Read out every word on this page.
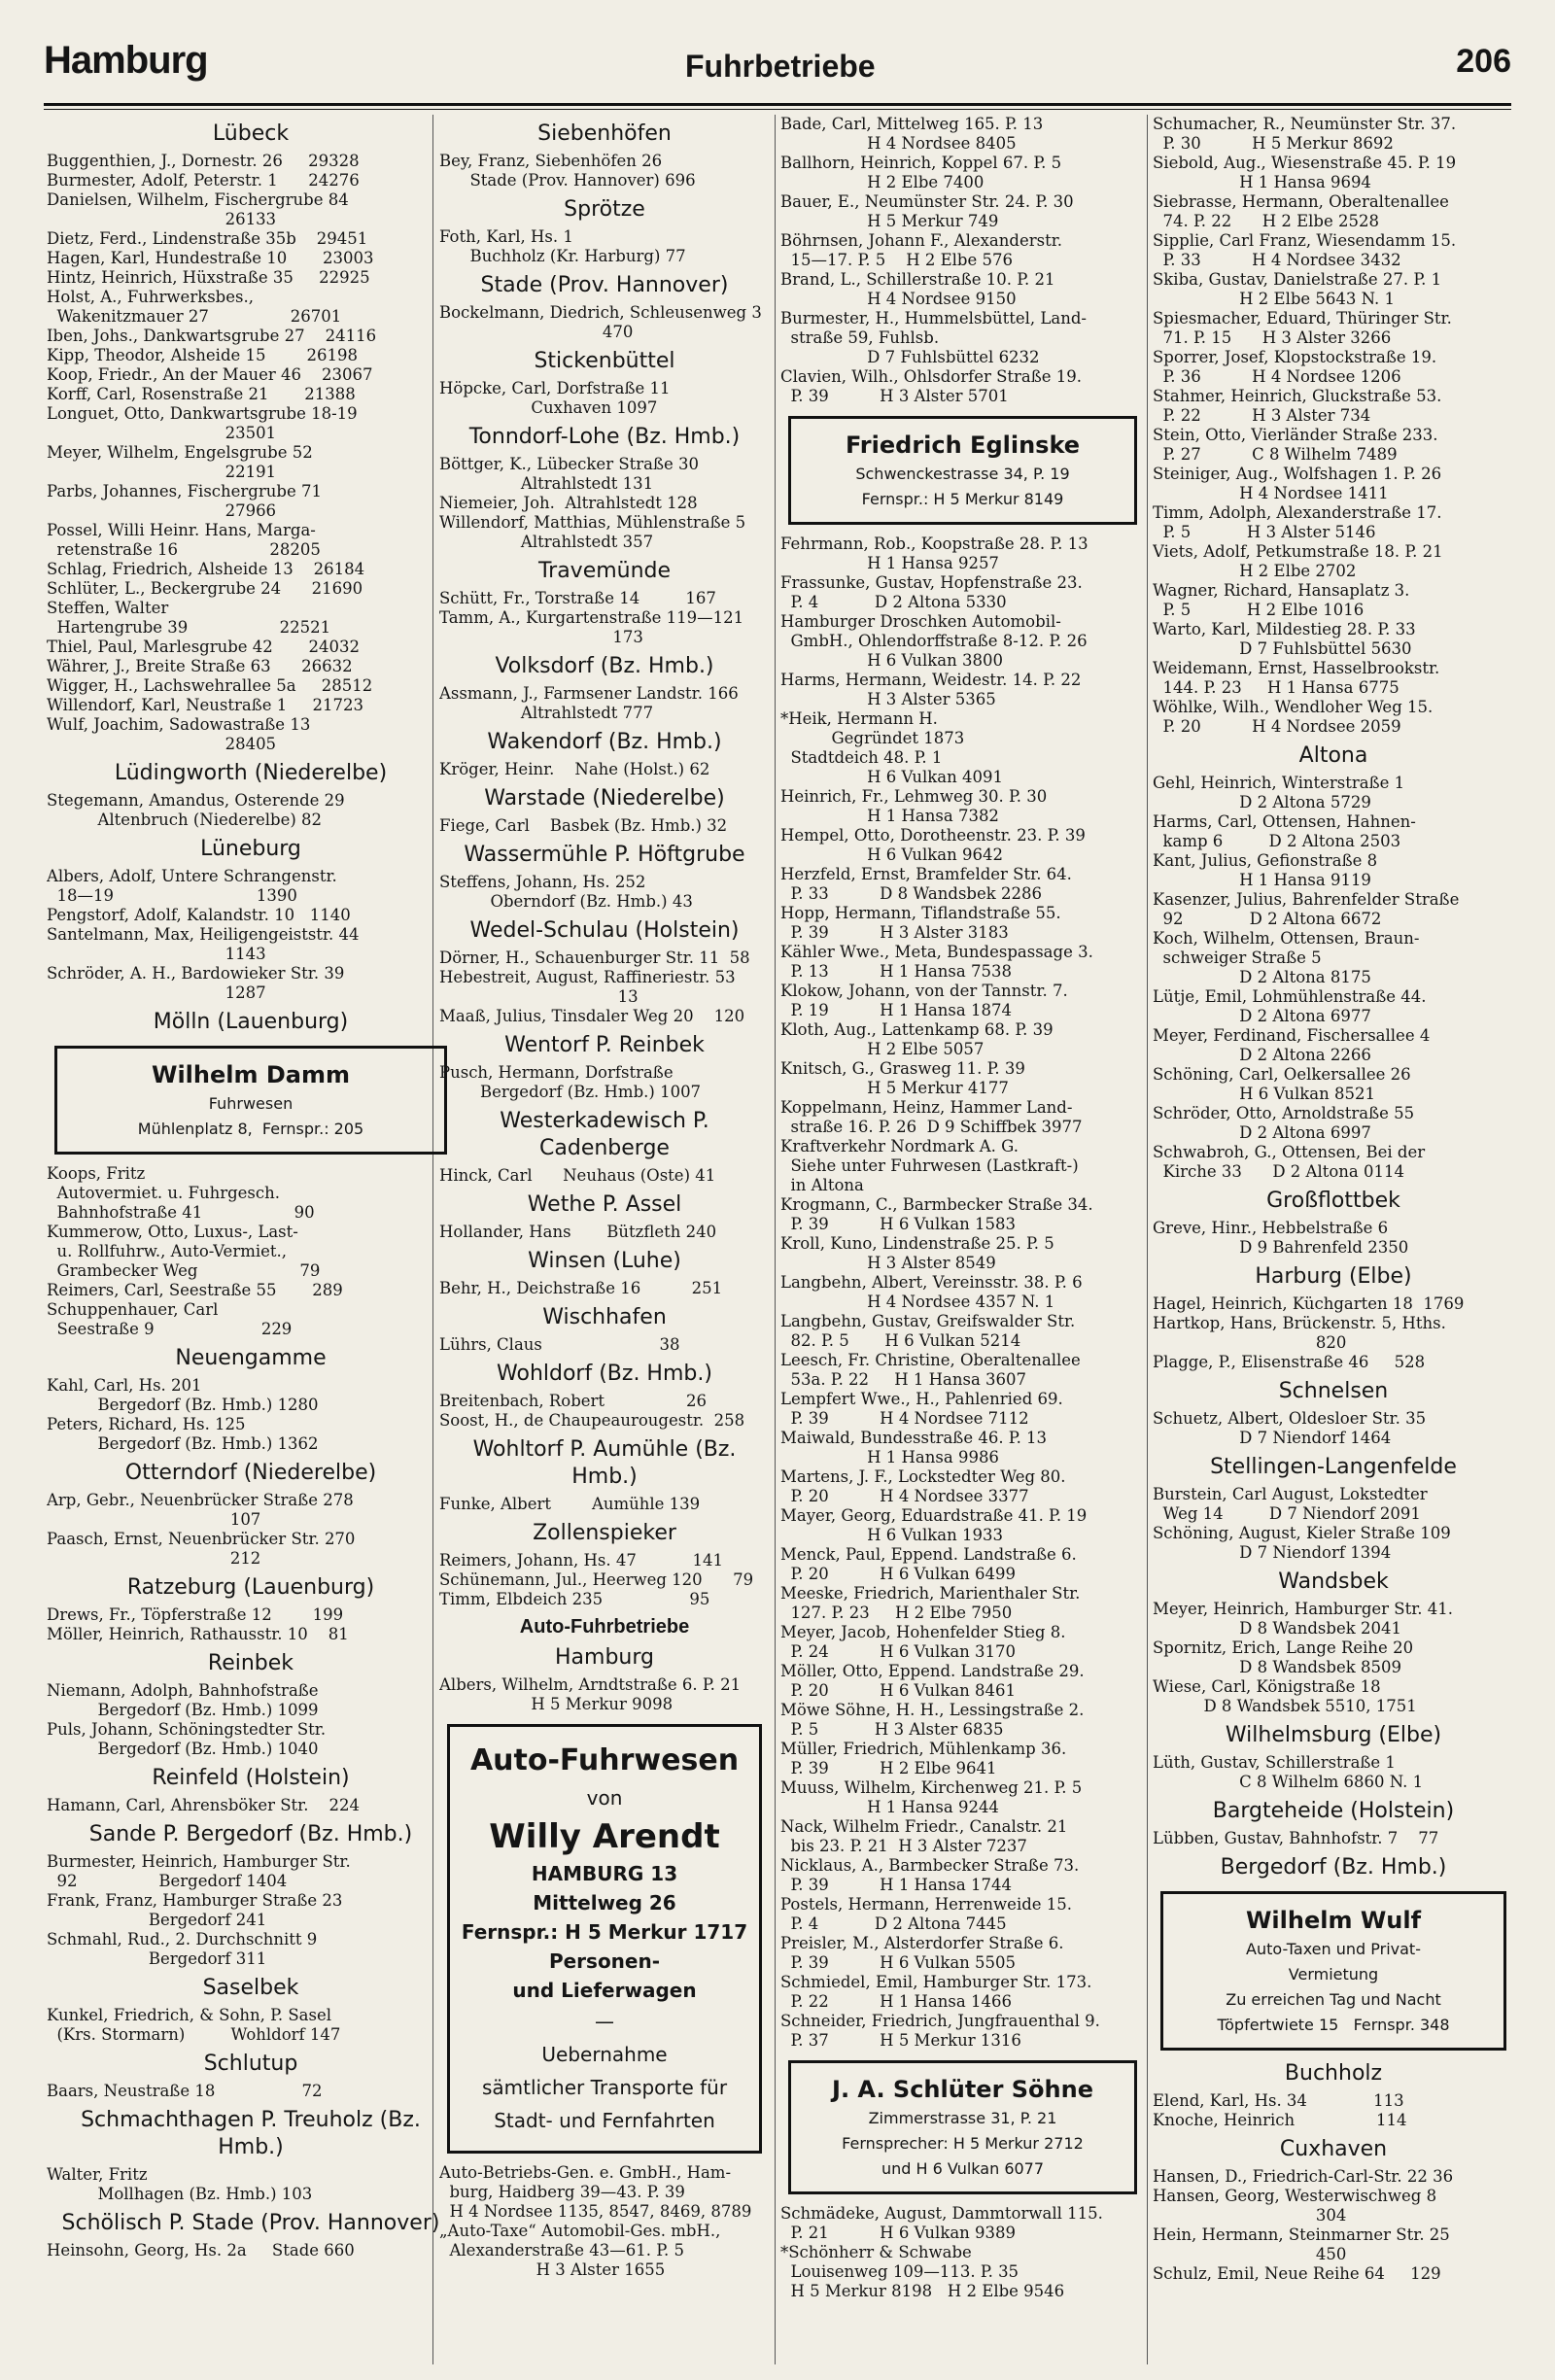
Hamburg	Fuhrbetriebe	206
Lübeck
Buggenthien, J., Dornestr. 26     29328
Burmester, Adolf, Peterstr. 1      24276
Danielsen, Wilhelm, Fischergrube 84
26133
Dietz, Ferd., Lindenstraße 35b    29451
Hagen, Karl, Hundestraße 10       23003
Hintz, Heinrich, Hüxstraße 35     22925
Holst, A., Fuhrwerksbes.,
Wakenitzmauer 27                26701
Iben, Johs., Dankwartsgrube 27    24116
Kipp, Theodor, Alsheide 15        26198
Koop, Friedr., An der Mauer 46    23067
Korff, Carl, Rosenstraße 21       21388
Longuet, Otto, Dankwartsgrube 18-19
23501
Meyer, Wilhelm, Engelsgrube 52
22191
Parbs, Johannes, Fischergrube 71
27966
Possel, Willi Heinr. Hans, Marga-
retenstraße 16                  28205
Schlag, Friedrich, Alsheide 13    26184
Schlüter, L., Beckergrube 24      21690
Steffen, Walter
Hartengrube 39                  22521
Thiel, Paul, Marlesgrube 42       24032
Währer, J., Breite Straße 63      26632
Wigger, H., Lachswehrallee 5a     28512
Willendorf, Karl, Neustraße 1     21723
Wulf, Joachim, Sadowastraße 13
28405
Lüdingworth (Niederelbe)
Stegemann, Amandus, Osterende 29
Altenbruch (Niederelbe) 82
Lüneburg
Albers, Adolf, Untere Schrangenstr.
18—19                            1390
Pengstorf, Adolf, Kalandstr. 10   1140
Santelmann, Max, Heiligengeiststr. 44
1143
Schröder, A. H., Bardowieker Str. 39
1287
Mölln (Lauenburg)
Wilhelm Damm
Fuhrwesen
Mühlenplatz 8,  Fernspr.: 205
Koops, Fritz
Autovermiet. u. Fuhrgesch.
Bahnhofstraße 41                  90
Kummerow, Otto, Luxus-, Last-
u. Rollfuhrw., Auto-Vermiet.,
Grambecker Weg                    79
Reimers, Carl, Seestraße 55       289
Schuppenhauer, Carl
Seestraße 9                     229
Neuengamme
Kahl, Carl, Hs. 201
Bergedorf (Bz. Hmb.) 1280
Peters, Richard, Hs. 125
Bergedorf (Bz. Hmb.) 1362
Otterndorf (Niederelbe)
Arp, Gebr., Neuenbrücker Straße 278
107
Paasch, Ernst, Neuenbrücker Str. 270
212
Ratzeburg (Lauenburg)
Drews, Fr., Töpferstraße 12        199
Möller, Heinrich, Rathausstr. 10    81
Reinbek
Niemann, Adolph, Bahnhofstraße
Bergedorf (Bz. Hmb.) 1099
Puls, Johann, Schöningstedter Str.
Bergedorf (Bz. Hmb.) 1040
Reinfeld (Holstein)
Hamann, Carl, Ahrensböker Str.    224
Sande P. Bergedorf (Bz. Hmb.)
Burmester, Heinrich, Hamburger Str.
92                Bergedorf 1404
Frank, Franz, Hamburger Straße 23
Bergedorf 241
Schmahl, Rud., 2. Durchschnitt 9
Bergedorf 311
Saselbek
Kunkel, Friedrich, & Sohn, P. Sasel
(Krs. Stormarn)         Wohldorf 147
Schlutup
Baars, Neustraße 18                 72
Schmachthagen P. Treuholz (Bz. Hmb.)
Walter, Fritz
Mollhagen (Bz. Hmb.) 103
Schölisch P. Stade (Prov. Hannover)
Heinsohn, Georg, Hs. 2a     Stade 660
Siebenhöfen
Bey, Franz, Siebenhöfen 26
Stade (Prov. Hannover) 696
Sprötze
Foth, Karl, Hs. 1
Buchholz (Kr. Harburg) 77
Stade (Prov. Hannover)
Bockelmann, Diedrich, Schleusenweg 3
470
Stickenbüttel
Höpcke, Carl, Dorfstraße 11
Cuxhaven 1097
Tonndorf-Lohe (Bz. Hmb.)
Böttger, K., Lübecker Straße 30
Altrahlstedt 131
Niemeier, Joh.  Altrahlstedt 128
Willendorf, Matthias, Mühlenstraße 5
Altrahlstedt 357
Travemünde
Schütt, Fr., Torstraße 14         167
Tamm, A., Kurgartenstraße 119—121
173
Volksdorf (Bz. Hmb.)
Assmann, J., Farmsener Landstr. 166
Altrahlstedt 777
Wakendorf (Bz. Hmb.)
Kröger, Heinr.    Nahe (Holst.) 62
Warstade (Niederelbe)
Fiege, Carl    Basbek (Bz. Hmb.) 32
Wassermühle P. Höftgrube
Steffens, Johann, Hs. 252
Oberndorf (Bz. Hmb.) 43
Wedel-Schulau (Holstein)
Dörner, H., Schauenburger Str. 11  58
Hebestreit, August, Raffineriestr. 53
13
Maaß, Julius, Tinsdaler Weg 20    120
Wentorf P. Reinbek
Pusch, Hermann, Dorfstraße
Bergedorf (Bz. Hmb.) 1007
Westerkadewisch P. Cadenberge
Hinck, Carl      Neuhaus (Oste) 41
Wethe P. Assel
Hollander, Hans       Bützfleth 240
Winsen (Luhe)
Behr, H., Deichstraße 16          251
Wischhafen
Lührs, Claus                       38
Wohldorf (Bz. Hmb.)
Breitenbach, Robert                26
Soost, H., de Chaupeaurougestr.  258
Wohltorf P. Aumühle (Bz. Hmb.)
Funke, Albert        Aumühle 139
Zollenspieker
Reimers, Johann, Hs. 47           141
Schünemann, Jul., Heerweg 120      79
Timm, Elbdeich 235                 95
Auto-Fuhrbetriebe
Hamburg
Albers, Wilhelm, Arndtstraße 6. P. 21
H 5 Merkur 9098
Auto-Fuhrwesen
von
Willy Arendt
HAMBURG 13
Mittelweg 26
Fernspr.: H 5 Merkur 1717
Personen-
und Lieferwagen
—
Uebernahme
sämtlicher Transporte für
Stadt- und Fernfahrten
Auto-Betriebs-Gen. e. GmbH., Ham-
burg, Haidberg 39—43. P. 39
H 4 Nordsee 1135, 8547, 8469, 8789
„Auto-Taxe“ Automobil-Ges. mbH.,
Alexanderstraße 43—61. P. 5
H 3 Alster 1655
Bade, Carl, Mittelweg 165. P. 13
H 4 Nordsee 8405
Ballhorn, Heinrich, Koppel 67. P. 5
H 2 Elbe 7400
Bauer, E., Neumünster Str. 24. P. 30
H 5 Merkur 749
Böhrnsen, Johann F., Alexanderstr.
15—17. P. 5    H 2 Elbe 576
Brand, L., Schillerstraße 10. P. 21
H 4 Nordsee 9150
Burmester, H., Hummelsbüttel, Land-
straße 59, Fuhlsb.
D 7 Fuhlsbüttel 6232
Clavien, Wilh., Ohlsdorfer Straße 19.
P. 39          H 3 Alster 5701
Friedrich Eglinske
Schwenckestrasse 34, P. 19
Fernspr.: H 5 Merkur 8149
Fehrmann, Rob., Koopstraße 28. P. 13
H 1 Hansa 9257
Frassunke, Gustav, Hopfenstraße 23.
P. 4           D 2 Altona 5330
Hamburger Droschken Automobil-
GmbH., Ohlendorffstraße 8-12. P. 26
H 6 Vulkan 3800
Harms, Hermann, Weidestr. 14. P. 22
H 3 Alster 5365
*Heik, Hermann H.
Gegründet 1873
Stadtdeich 48. P. 1
H 6 Vulkan 4091
Heinrich, Fr., Lehmweg 30. P. 30
H 1 Hansa 7382
Hempel, Otto, Dorotheenstr. 23. P. 39
H 6 Vulkan 9642
Herzfeld, Ernst, Bramfelder Str. 64.
P. 33          D 8 Wandsbek 2286
Hopp, Hermann, Tiflandstraße 55.
P. 39          H 3 Alster 3183
Kähler Wwe., Meta, Bundespassage 3.
P. 13          H 1 Hansa 7538
Klokow, Johann, von der Tannstr. 7.
P. 19          H 1 Hansa 1874
Kloth, Aug., Lattenkamp 68. P. 39
H 2 Elbe 5057
Knitsch, G., Grasweg 11. P. 39
H 5 Merkur 4177
Koppelmann, Heinz, Hammer Land-
straße 16. P. 26  D 9 Schiffbek 3977
Kraftverkehr Nordmark A. G.
Siehe unter Fuhrwesen (Lastkraft-)
in Altona
Krogmann, C., Barmbecker Straße 34.
P. 39          H 6 Vulkan 1583
Kroll, Kuno, Lindenstraße 25. P. 5
H 3 Alster 8549
Langbehn, Albert, Vereinsstr. 38. P. 6
H 4 Nordsee 4357 N. 1
Langbehn, Gustav, Greifswalder Str.
82. P. 5       H 6 Vulkan 5214
Leesch, Fr. Christine, Oberaltenallee
53a. P. 22     H 1 Hansa 3607
Lempfert Wwe., H., Pahlenried 69.
P. 39          H 4 Nordsee 7112
Maiwald, Bundesstraße 46. P. 13
H 1 Hansa 9986
Martens, J. F., Lockstedter Weg 80.
P. 20          H 4 Nordsee 3377
Mayer, Georg, Eduardstraße 41. P. 19
H 6 Vulkan 1933
Menck, Paul, Eppend. Landstraße 6.
P. 20          H 6 Vulkan 6499
Meeske, Friedrich, Marienthaler Str.
127. P. 23     H 2 Elbe 7950
Meyer, Jacob, Hohenfelder Stieg 8.
P. 24          H 6 Vulkan 3170
Möller, Otto, Eppend. Landstraße 29.
P. 20          H 6 Vulkan 8461
Möwe Söhne, H. H., Lessingstraße 2.
P. 5           H 3 Alster 6835
Müller, Friedrich, Mühlenkamp 36.
P. 39          H 2 Elbe 9641
Muuss, Wilhelm, Kirchenweg 21. P. 5
H 1 Hansa 9244
Nack, Wilhelm Friedr., Canalstr. 21
bis 23. P. 21  H 3 Alster 7237
Nicklaus, A., Barmbecker Straße 73.
P. 39          H 1 Hansa 1744
Postels, Hermann, Herrenweide 15.
P. 4           D 2 Altona 7445
Preisler, M., Alsterdorfer Straße 6.
P. 39          H 6 Vulkan 5505
Schmiedel, Emil, Hamburger Str. 173.
P. 22          H 1 Hansa 1466
Schneider, Friedrich, Jungfrauenthal 9.
P. 37          H 5 Merkur 1316
J. A. Schlüter Söhne
Zimmerstrasse 31, P. 21
Fernsprecher: H 5 Merkur 2712
und H 6 Vulkan 6077
Schmädeke, August, Dammtorwall 115.
P. 21          H 6 Vulkan 9389
*Schönherr & Schwabe
Louisenweg 109—113. P. 35
H 5 Merkur 8198   H 2 Elbe 9546
Schumacher, R., Neumünster Str. 37.
P. 30          H 5 Merkur 8692
Siebold, Aug., Wiesenstraße 45. P. 19
H 1 Hansa 9694
Siebrasse, Hermann, Oberaltenallee
74. P. 22      H 2 Elbe 2528
Sipplie, Carl Franz, Wiesendamm 15.
P. 33          H 4 Nordsee 3432
Skiba, Gustav, Danielstraße 27. P. 1
H 2 Elbe 5643 N. 1
Spiesmacher, Eduard, Thüringer Str.
71. P. 15      H 3 Alster 3266
Sporrer, Josef, Klopstockstraße 19.
P. 36          H 4 Nordsee 1206
Stahmer, Heinrich, Gluckstraße 53.
P. 22          H 3 Alster 734
Stein, Otto, Vierländer Straße 233.
P. 27          C 8 Wilhelm 7489
Steiniger, Aug., Wolfshagen 1. P. 26
H 4 Nordsee 1411
Timm, Adolph, Alexanderstraße 17.
P. 5           H 3 Alster 5146
Viets, Adolf, Petkumstraße 18. P. 21
H 2 Elbe 2702
Wagner, Richard, Hansaplatz 3.
P. 5           H 2 Elbe 1016
Warto, Karl, Mildestieg 28. P. 33
D 7 Fuhlsbüttel 5630
Weidemann, Ernst, Hasselbrookstr.
144. P. 23     H 1 Hansa 6775
Wöhlke, Wilh., Wendloher Weg 15.
P. 20          H 4 Nordsee 2059
Altona
Gehl, Heinrich, Winterstraße 1
D 2 Altona 5729
Harms, Carl, Ottensen, Hahnen-
kamp 6         D 2 Altona 2503
Kant, Julius, Gefionstraße 8
H 1 Hansa 9119
Kasenzer, Julius, Bahrenfelder Straße
92             D 2 Altona 6672
Koch, Wilhelm, Ottensen, Braun-
schweiger Straße 5
D 2 Altona 8175
Lütje, Emil, Lohmühlenstraße 44.
D 2 Altona 6977
Meyer, Ferdinand, Fischersallee 4
D 2 Altona 2266
Schöning, Carl, Oelkersallee 26
H 6 Vulkan 8521
Schröder, Otto, Arnoldstraße 55
D 2 Altona 6997
Schwabroh, G., Ottensen, Bei der
Kirche 33      D 2 Altona 0114
Großflottbek
Greve, Hinr., Hebbelstraße 6
D 9 Bahrenfeld 2350
Harburg (Elbe)
Hagel, Heinrich, Küchgarten 18  1769
Hartkop, Hans, Brückenstr. 5, Hths.
820
Plagge, P., Elisenstraße 46     528
Schnelsen
Schuetz, Albert, Oldesloer Str. 35
D 7 Niendorf 1464
Stellingen-Langenfelde
Burstein, Carl August, Lokstedter
Weg 14         D 7 Niendorf 2091
Schöning, August, Kieler Straße 109
D 7 Niendorf 1394
Wandsbek
Meyer, Heinrich, Hamburger Str. 41.
D 8 Wandsbek 2041
Spornitz, Erich, Lange Reihe 20
D 8 Wandsbek 8509
Wiese, Carl, Königstraße 18
D 8 Wandsbek 5510, 1751
Wilhelmsburg (Elbe)
Lüth, Gustav, Schillerstraße 1
C 8 Wilhelm 6860 N. 1
Bargteheide (Holstein)
Lübben, Gustav, Bahnhofstr. 7    77
Bergedorf (Bz. Hmb.)
Wilhelm Wulf
Auto-Taxen und Privat-
Vermietung
Zu erreichen Tag und Nacht
Töpfertwiete 15   Fernspr. 348
Buchholz
Elend, Karl, Hs. 34             113
Knoche, Heinrich                114
Cuxhaven
Hansen, D., Friedrich-Carl-Str. 22 36
Hansen, Georg, Westerwischweg 8
304
Hein, Hermann, Steinmarner Str. 25
450
Schulz, Emil, Neue Reihe 64     129
